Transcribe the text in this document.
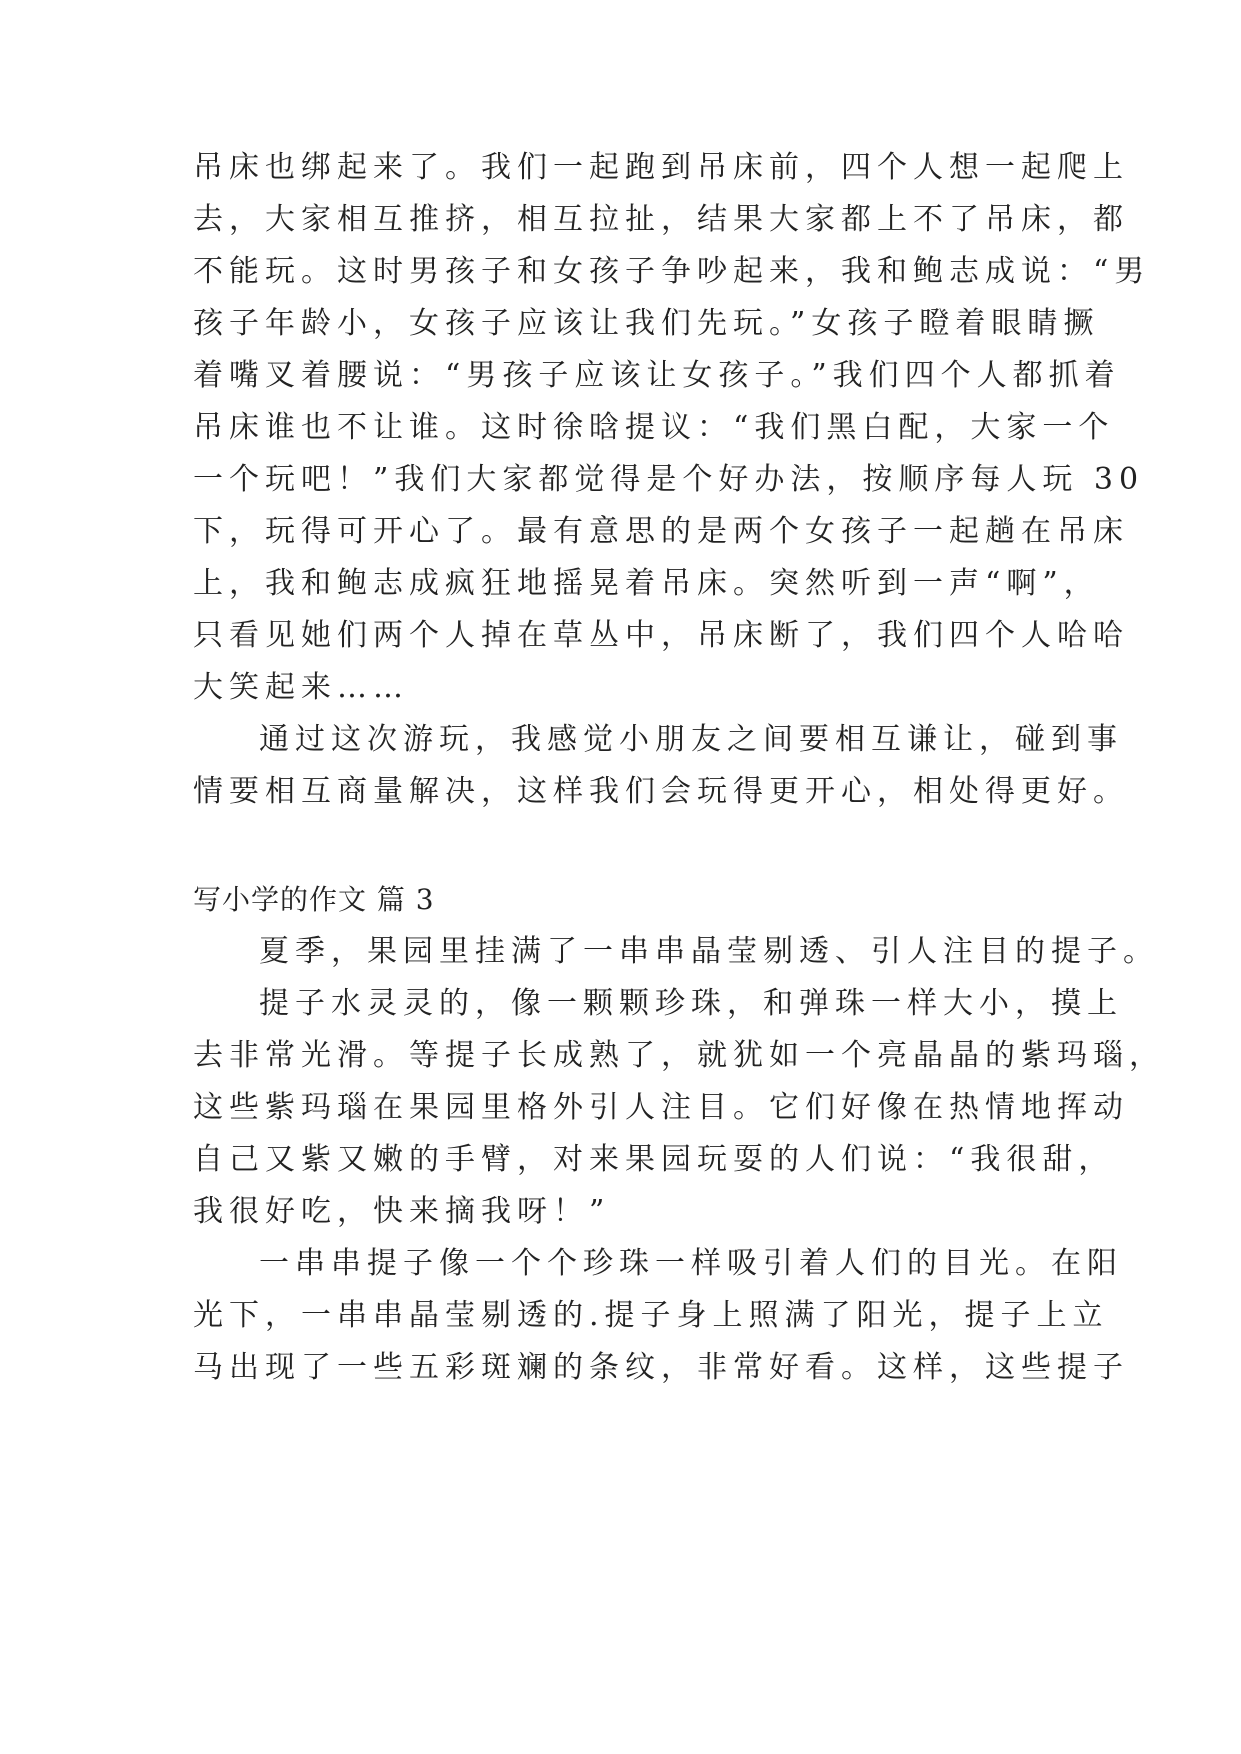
吊床也绑起来了。我们一起跑到吊床前，四个人想一起爬上
去，大家相互推挤，相互拉扯，结果大家都上不了吊床，都
不能玩。这时男孩子和女孩子争吵起来，我和鲍志成说：“男
孩子年龄小，女孩子应该让我们先玩。”女孩子瞪着眼睛撅
着嘴叉着腰说：“男孩子应该让女孩子。”我们四个人都抓着
吊床谁也不让谁。这时徐晗提议：“我们黑白配，大家一个
一个玩吧！”我们大家都觉得是个好办法，按顺序每人玩 30
下，玩得可开心了。最有意思的是两个女孩子一起趟在吊床
上，我和鲍志成疯狂地摇晃着吊床。突然听到一声“啊”，
只看见她们两个人掉在草丛中，吊床断了，我们四个人哈哈
大笑起来……
通过这次游玩，我感觉小朋友之间要相互谦让，碰到事
情要相互商量解决，这样我们会玩得更开心，相处得更好。
写小学的作文 篇 3
夏季，果园里挂满了一串串晶莹剔透、引人注目的提子。
提子水灵灵的，像一颗颗珍珠，和弹珠一样大小，摸上
去非常光滑。等提子长成熟了，就犹如一个亮晶晶的紫玛瑙，
这些紫玛瑙在果园里格外引人注目。它们好像在热情地挥动
自己又紫又嫩的手臂，对来果园玩耍的人们说：“我很甜，
我很好吃，快来摘我呀！”
一串串提子像一个个珍珠一样吸引着人们的目光。在阳
光下，一串串晶莹剔透的.提子身上照满了阳光，提子上立
马出现了一些五彩斑斓的条纹，非常好看。这样，这些提子
